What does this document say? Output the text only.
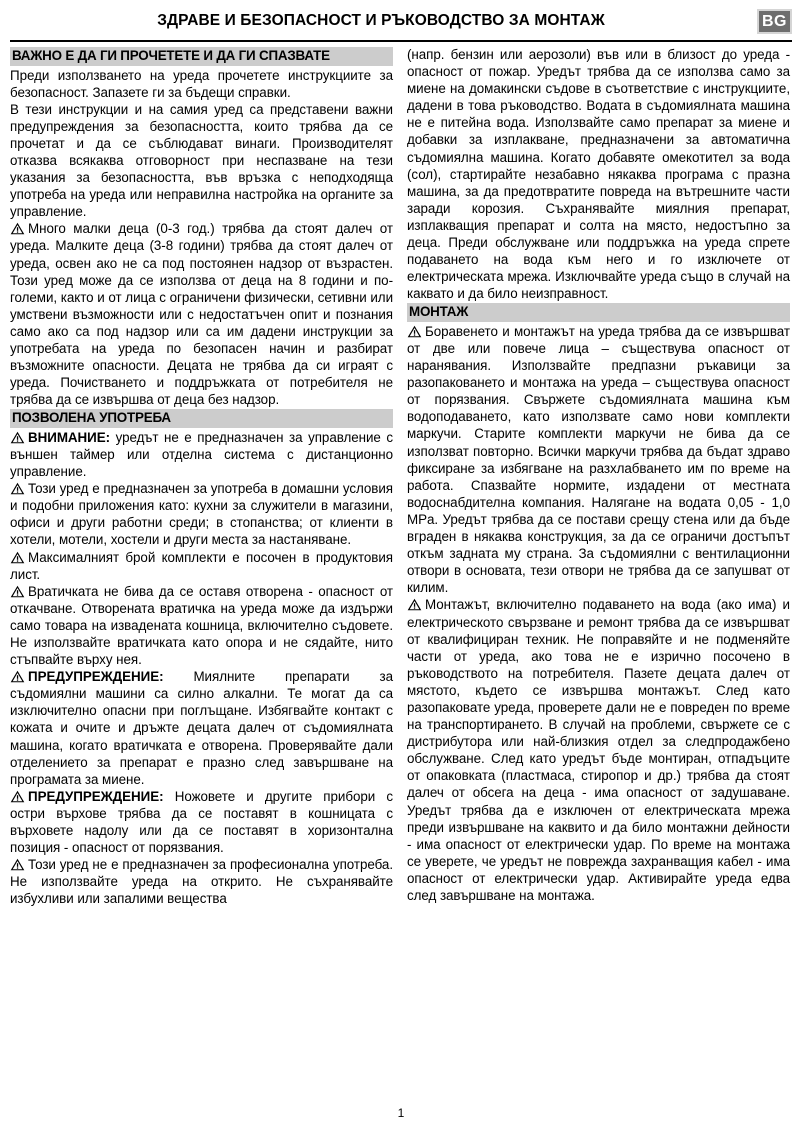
ЗДРАВЕ И БЕЗОПАСНОСТ И РЪКОВОДСТВО ЗА МОНТАЖ	BG
ВАЖНО Е ДА ГИ ПРОЧЕТЕТЕ И ДА ГИ СПАЗВАТЕ

Преди използването на уреда прочетете инструкциите за безопасност. Запазете ги за бъдещи справки.

В тези инструкции и на самия уред са представени важни предупреждения за безопасността, които трябва да се прочетат и да се съблюдават винаги. Производителят отказва всякаква отговорност при неспазване на тези указания за безопасността, във връзка с неподходяща употреба на уреда или неправилна настройка на органите за управление.

Много малки деца (0-3 год.) трябва да стоят далеч от уреда. Малките деца (3-8 години) трябва да стоят далеч от уреда, освен ако не са под постоянен надзор от възрастен. Този уред може да се използва от деца на 8 години и по-големи, както и от лица с ограничени физически, сетивни или умствени възможности или с недостатъчен опит и познания само ако са под надзор или са им дадени инструкции за употребата на уреда по безопасен начин и разбират възможните опасности. Децата не трябва да си играят с уреда. Почистването и поддръжката от потребителя не трябва да се извършва от деца без надзор.

ПОЗВОЛЕНА УПОТРЕБА

ВНИМАНИЕ: уредът не е предназначен за управление с външен таймер или отделна система с дистанционно управление.

Този уред е предназначен за употреба в домашни условия и подобни приложения като: кухни за служители в магазини, офиси и други работни среди; в стопанства; от клиенти в хотели, мотели, хостели и други места за настаняване.

Максималният брой комплекти е посочен в продуктовия лист.

Вратичката не бива да се оставя отворена - опасност от откачване. Отворената вратичка на уреда може да издържи само товара на извадената кошница, включително съдовете. Не използвайте вратичката като опора и не сядайте, нито стъпвайте върху нея.

ПРЕДУПРЕЖДЕНИЕ: Миялните препарати за съдомиялни машини са силно алкални. Те могат да са изключително опасни при поглъщане. Избягвайте контакт с кожата и очите и дръжте децата далеч от съдомиялната машина, когато вратичката е отворена. Проверявайте дали отделението за препарат е празно след завършване на програмата за миене.

ПРЕДУПРЕЖДЕНИЕ: Ножовете и другите прибори с остри върхове трябва да се поставят в кошницата с върховете надолу или да се поставят в хоризонтална позиция - опасност от порязвания.

Този уред не е предназначен за професионална употреба. Не използвайте уреда на открито. Не съхранявайте избухливи или запалими вещества

(напр. бензин или аерозоли) във или в близост до уреда - опасност от пожар. Уредът трябва да се използва само за миене на домакински съдове в съответствие с инструкциите, дадени в това ръководство. Водата в съдомиялната машина не е питейна вода. Използвайте само препарат за миене и добавки за изплакване, предназначени за автоматична съдомиялна машина. Когато добавяте омекотител за вода (сол), стартирайте незабавно някаква програма с празна машина, за да предотвратите повреда на вътрешните части заради корозия. Съхранявайте миялния препарат, изплакващия препарат и солта на място, недостъпно за деца. Преди обслужване или поддръжка на уреда спрете подаването на вода към него и го изключете от електрическата мрежа. Изключвайте уреда също в случай на каквато и да било неизправност.

МОНТАЖ

Боравенето и монтажът на уреда трябва да се извършват от две или повече лица – съществува опасност от наранявания. Използвайте предпазни ръкавици за разопаковането и монтажа на уреда – съществува опасност от порязвания. Свържете съдомиялната машина към водоподаването, като използвате само нови комплекти маркучи. Старите комплекти маркучи не бива да се използват повторно. Всички маркучи трябва да бъдат здраво фиксиране за избягване на разхлабването им по време на работа. Спазвайте нормите, издадени от местната водоснабдителна компания. Налягане на водата 0,05 - 1,0 MPa. Уредът трябва да се постави срещу стена или да бъде вграден в някаква конструкция, за да се ограничи достъпът откъм задната му страна. За съдомиялни с вентилационни отвори в основата, тези отвори не трябва да се запушват от килим.

Монтажът, включително подаването на вода (ако има) и електрическото свързване и ремонт трябва да се извършват от квалифициран техник. Не поправяйте и не подменяйте части от уреда, ако това не е изрично посочено в ръководството на потребителя. Пазете децата далеч от мястото, където се извършва монтажът. След като разопаковате уреда, проверете дали не е повреден по време на транспортирането. В случай на проблеми, свържете се с дистрибутора или най-близкия отдел за следпродажбено обслужване. След като уредът бъде монтиран, отпадъците от опаковката (пластмаса, стиропор и др.) трябва да стоят далеч от обсега на деца - има опасност от задушаване. Уредът трябва да е изключен от електрическата мрежа преди извършване на каквито и да било монтажни дейности - има опасност от електрически удар. По време на монтажа се уверете, че уредът не повреждa захранващия кабел - има опасност от електрически удар. Активирайте уреда едва след завършване на монтажа.

1
